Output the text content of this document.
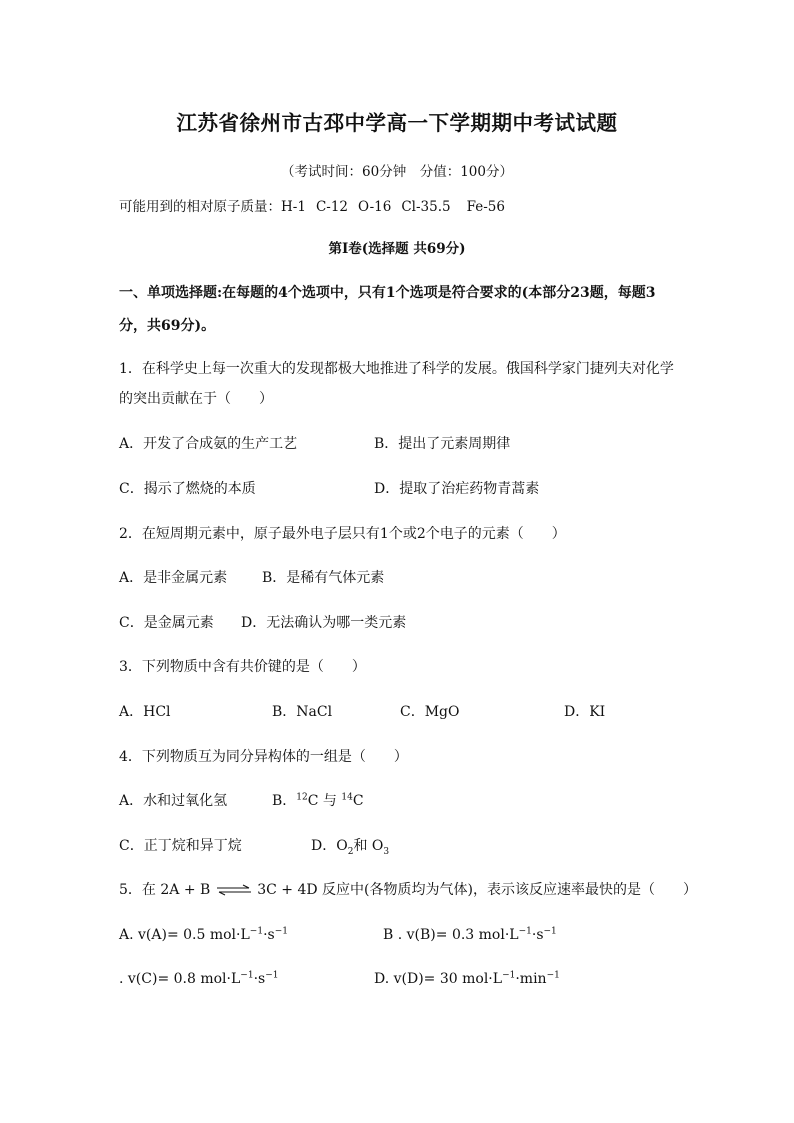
江苏省徐州市古邳中学高一下学期期中考试试题
（考试时间：60分钟　分值：100分）
可能用到的相对原子质量：H-1 C-12 O-16 Cl-35.5 Fe-56
第Ⅰ卷(选择题 共69分)
一、单项选择题:在每题的4个选项中，只有1个选项是符合要求的(本部分23题，每题3
分，共69分)。
1．在科学史上每一次重大的发现都极大地推进了科学的发展。俄国科学家门捷列夫对化学
的突出贡献在于（　　）
A．开发了合成氨的生产工艺	B．提出了元素周期律
C．揭示了燃烧的本质	D．提取了治疟药物青蒿素
2．在短周期元素中，原子最外电子层只有1个或2个电子的元素（　　）
A．是非金属元素 B．是稀有气体元素
C．是金属元素 D．无法确认为哪一类元素
3．下列物质中含有共价键的是（　　）
A．HCl	B．NaCl	C．MgO	D．KI
4．下列物质互为同分异构体的一组是（　　）
A．水和过氧化氢	B．$^{12}$C 与 $^{14}$C
C．正丁烷和异丁烷	D．$O_2$和 $O_3$
5．在 2A + B ⇌ 3C + 4D 反应中(各物质均为气体)，表示该反应速率最快的是（　　）
A. v(A)= 0.5 $mol\cdot L^{-1}\cdot s^{-1}$	B . v(B)= 0.3 $mol\cdot L^{-1}\cdot s^{-1}$
. v(C)= 0.8 $mol\cdot L^{-1}\cdot s^{-1}$	D. v(D)= 30 $mol\cdot L^{-1}\cdot\min^{-1}$
